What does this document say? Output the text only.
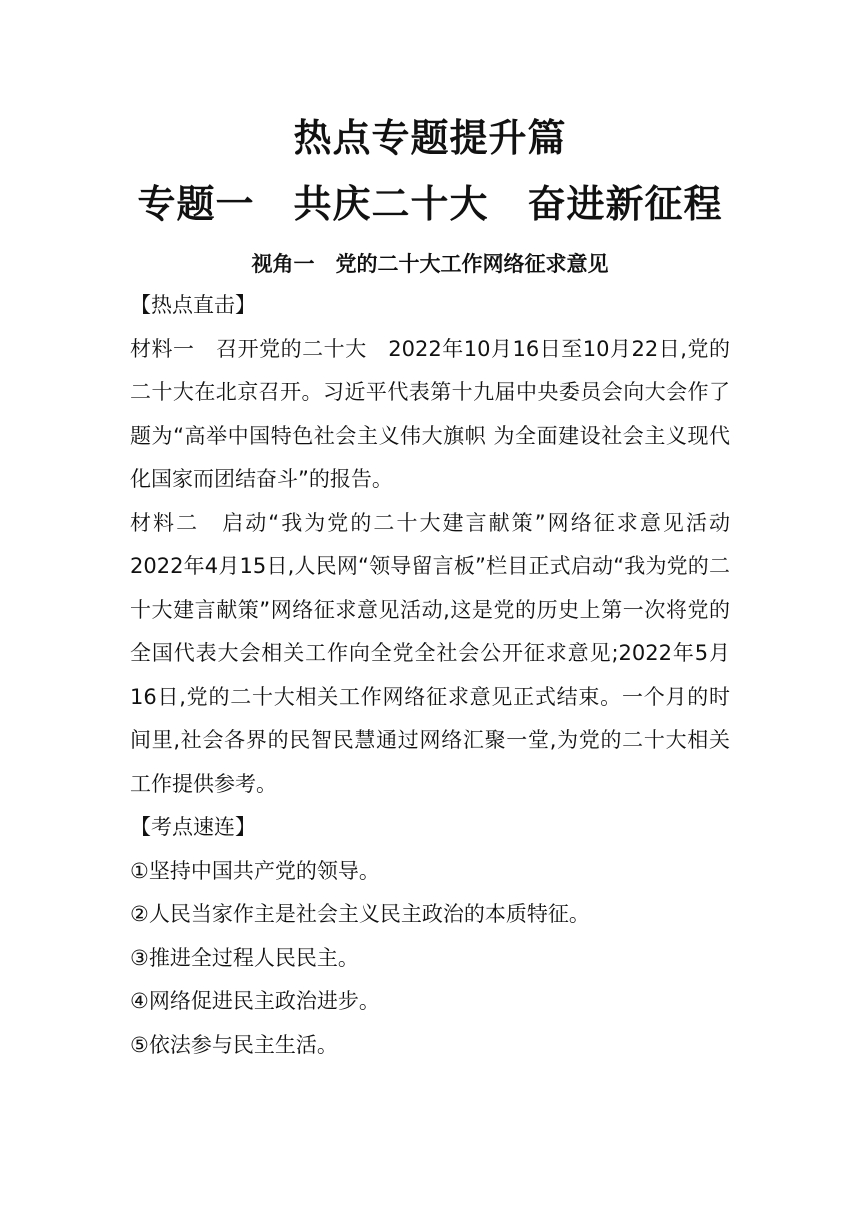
热点专题提升篇
专题一　共庆二十大　奋进新征程
视角一　党的二十大工作网络征求意见

【热点直击】

材料一　召开党的二十大　2022年10月16日至10月22日,党的二十大在北京召开。习近平代表第十九届中央委员会向大会作了题为“高举中国特色社会主义伟大旗帜 为全面建设社会主义现代化国家而团结奋斗”的报告。

材料二　启动“我为党的二十大建言献策”网络征求意见活动　2022年4月15日,人民网“领导留言板”栏目正式启动“我为党的二十大建言献策”网络征求意见活动,这是党的历史上第一次将党的全国代表大会相关工作向全党全社会公开征求意见;2022年5月16日,党的二十大相关工作网络征求意见正式结束。一个月的时间里,社会各界的民智民慧通过网络汇聚一堂,为党的二十大相关工作提供参考。

【考点速连】

①坚持中国共产党的领导。

②人民当家作主是社会主义民主政治的本质特征。

③推进全过程人民民主。

④网络促进民主政治进步。

⑤依法参与民主生活。
